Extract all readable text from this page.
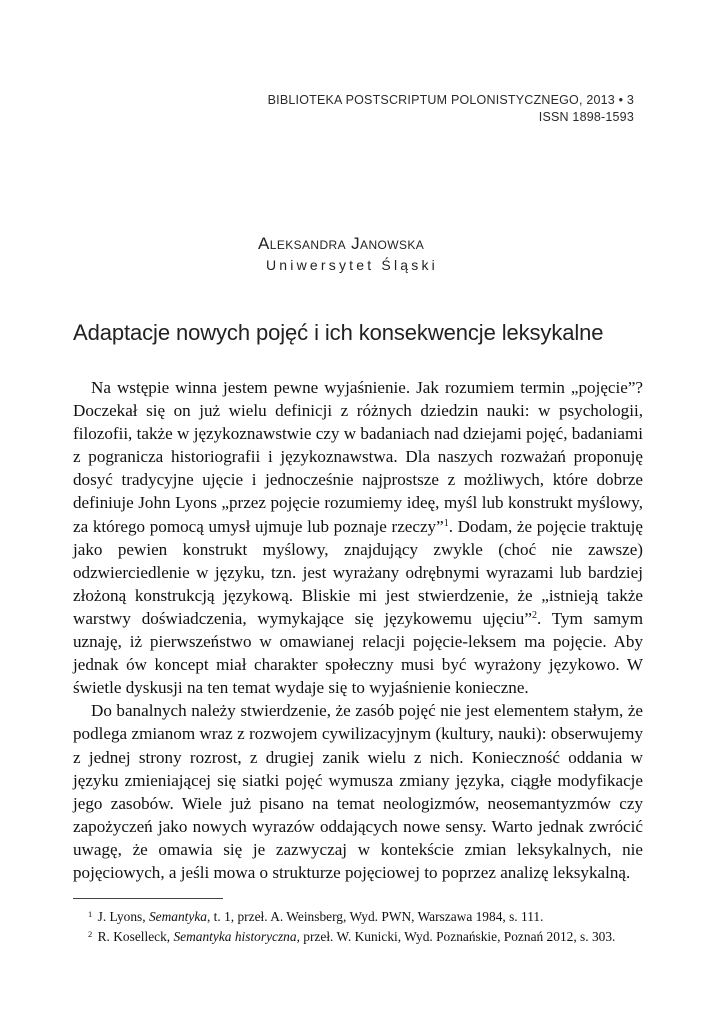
BIBLIOTEKA POSTSCRIPTUM POLONISTYCZNEGO, 2013 • 3
ISSN 1898-1593
Aleksandra Janowska
Uniwersytet Śląski
Adaptacje nowych pojęć i ich konsekwencje leksykalne

Na wstępie winna jestem pewne wyjaśnienie. Jak rozumiem termin „pojęcie”? Doczekał się on już wielu definicji z różnych dziedzin nauki: w psychologii, filozofii, także w językoznawstwie czy w badaniach nad dziejami pojęć, badaniami z pogranicza historiografii i językoznawstwa. Dla naszych rozważań proponuję dosyć tradycyjne ujęcie i jednocześnie najprostsze z możliwych, które dobrze definiuje John Lyons „przez pojęcie rozumiemy ideę, myśl lub konstrukt myślowy, za którego pomocą umysł ujmuje lub poznaje rzeczy”$^1$. Dodam, że pojęcie traktuję jako pewien konstrukt myślowy, znajdujący zwykle (choć nie zawsze) odzwierciedlenie w języku, tzn. jest wyrażany odrębnymi wyrazami lub bardziej złożoną konstrukcją językową. Bliskie mi jest stwierdzenie, że „istnieją także warstwy doświadczenia, wymykające się językowemu ujęciu”$^2$. Tym samym uznaję, iż pierwszeństwo w omawianej relacji pojęcie-leksem ma pojęcie. Aby jednak ów koncept miał charakter społeczny musi być wyrażony językowo. W świetle dyskusji na ten temat wydaje się to wyjaśnienie konieczne.

Do banalnych należy stwierdzenie, że zasób pojęć nie jest elementem stałym, że podlega zmianom wraz z rozwojem cywilizacyjnym (kultury, nauki): obserwujemy z jednej strony rozrost, z drugiej zanik wielu z nich. Konieczność oddania w języku zmieniającej się siatki pojęć wymusza zmiany języka, ciągłe modyfikacje jego zasobów. Wiele już pisano na temat neologizmów, neosemantyzmów czy zapożyczeń jako nowych wyrazów oddających nowe sensy. Warto jednak zwrócić uwagę, że omawia się je zazwyczaj w kontekście zmian leksykalnych, nie pojęciowych, a jeśli mowa o strukturze pojęciowej to poprzez analizę leksykalną.

$^1$ J. Lyons, Semantyka, t. 1, przeł. A. Weinsberg, Wyd. PWN, Warszawa 1984, s. 111.
$^2$ R. Koselleck, Semantyka historyczna, przeł. W. Kunicki, Wyd. Poznańskie, Poznań 2012, s. 303.
